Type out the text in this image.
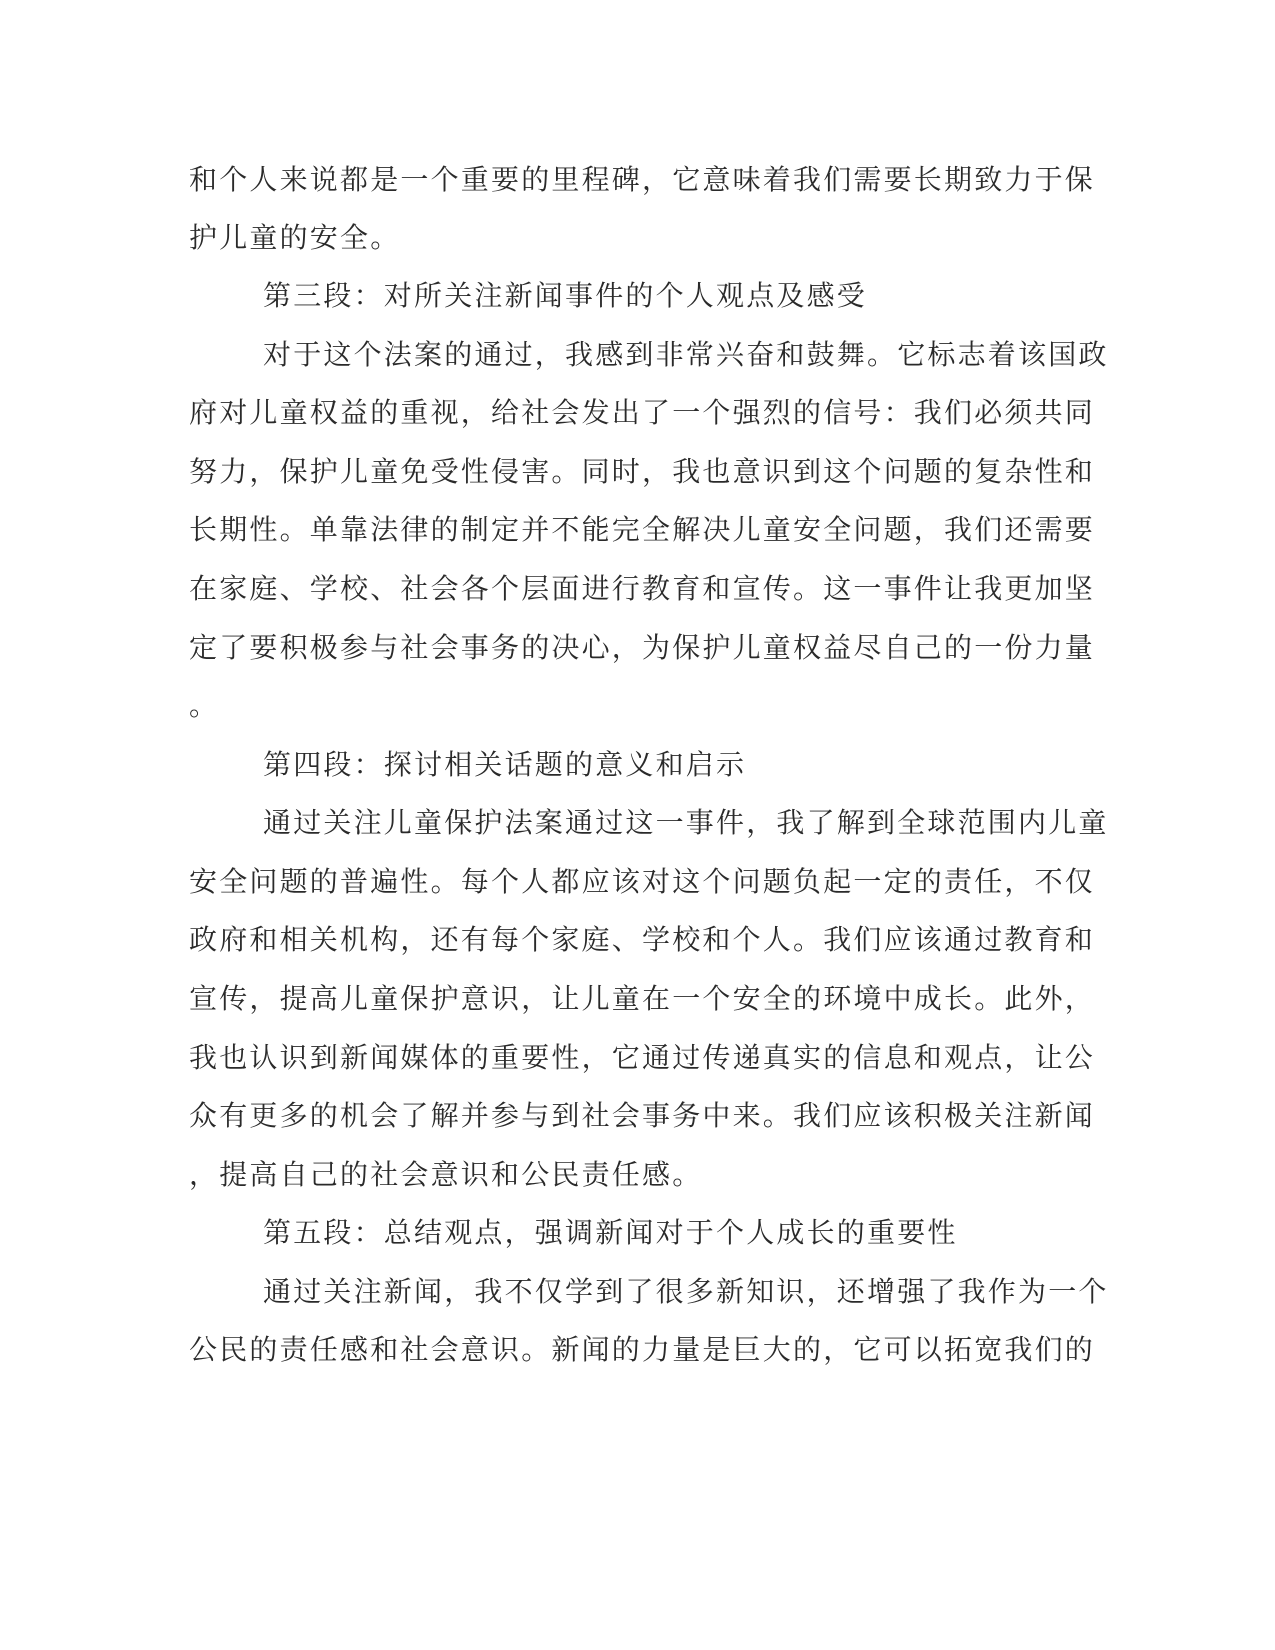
和个人来说都是一个重要的里程碑，它意味着我们需要长期致力于保
护儿童的安全。
第三段：对所关注新闻事件的个人观点及感受
对于这个法案的通过，我感到非常兴奋和鼓舞。它标志着该国政
府对儿童权益的重视，给社会发出了一个强烈的信号：我们必须共同
努力，保护儿童免受性侵害。同时，我也意识到这个问题的复杂性和
长期性。单靠法律的制定并不能完全解决儿童安全问题，我们还需要
在家庭、学校、社会各个层面进行教育和宣传。这一事件让我更加坚
定了要积极参与社会事务的决心，为保护儿童权益尽自己的一份力量
。
第四段：探讨相关话题的意义和启示
通过关注儿童保护法案通过这一事件，我了解到全球范围内儿童
安全问题的普遍性。每个人都应该对这个问题负起一定的责任，不仅
政府和相关机构，还有每个家庭、学校和个人。我们应该通过教育和
宣传，提高儿童保护意识，让儿童在一个安全的环境中成长。此外，
我也认识到新闻媒体的重要性，它通过传递真实的信息和观点，让公
众有更多的机会了解并参与到社会事务中来。我们应该积极关注新闻
，提高自己的社会意识和公民责任感。
第五段：总结观点，强调新闻对于个人成长的重要性
通过关注新闻，我不仅学到了很多新知识，还增强了我作为一个
公民的责任感和社会意识。新闻的力量是巨大的，它可以拓宽我们的
